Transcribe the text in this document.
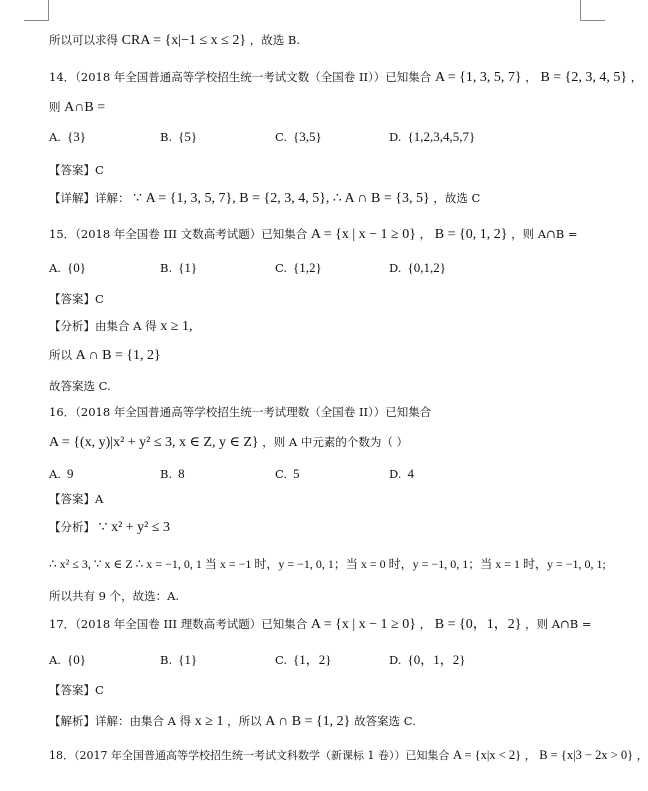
所以可以求得 CRA = {x|−1 ≤ x ≤ 2} ，故选 B.
14．（2018 年全国普通高等学校招生统一考试文数（全国卷 II））已知集合 A = {1, 3, 5, 7} ， B = {2, 3, 4, 5} ，
则 A∩B =
A. {3}	B. {5}	C. {3,5}	D. {1,2,3,4,5,7}
【答案】C
【详解】详解： ∵ A = {1, 3, 5, 7}, B = {2, 3, 4, 5}, ∴ A ∩ B = {3, 5} ，故选 C
15．（2018 年全国卷 III 文数高考试题）已知集合 A = {x | x − 1 ≥ 0} ， B = {0, 1, 2} ，则 A∩B =
A. {0}	B. {1}	C. {1,2}	D. {0,1,2}
【答案】C
【分析】由集合 A 得 x ≥ 1,
所以 A ∩ B = {1, 2}
故答案选 C.
16．（2018 年全国普通高等学校招生统一考试理数（全国卷 II））已知集合
A = {(x, y)|x² + y² ≤ 3, x ∈ Z, y ∈ Z} ，则 A 中元素的个数为（ ）
A. 9	B. 8	C. 5	D. 4
【答案】A
【分析】 ∵ x² + y² ≤ 3
∴ x² ≤ 3, ∵ x ∈ Z ∴ x = −1, 0, 1 当 x = −1 时，y = −1, 0, 1；当 x = 0 时，y = −1, 0, 1；当 x = 1 时，y = −1, 0, 1;
所以共有 9 个，故选：A.
17．（2018 年全国卷 III 理数高考试题）已知集合 A = {x | x − 1 ≥ 0} ， B = {0，1，2} ，则 A∩B =
A. {0}	B. {1}	C. {1，2}	D. {0，1，2}
【答案】C
【解析】详解：由集合 A 得 x ≥ 1 ，所以 A ∩ B = {1, 2} 故答案选 C.
18．（2017 年全国普通高等学校招生统一考试文科数学（新课标 1 卷））已知集合 A = {x|x < 2} ， B = {x|3 − 2x > 0} ，
